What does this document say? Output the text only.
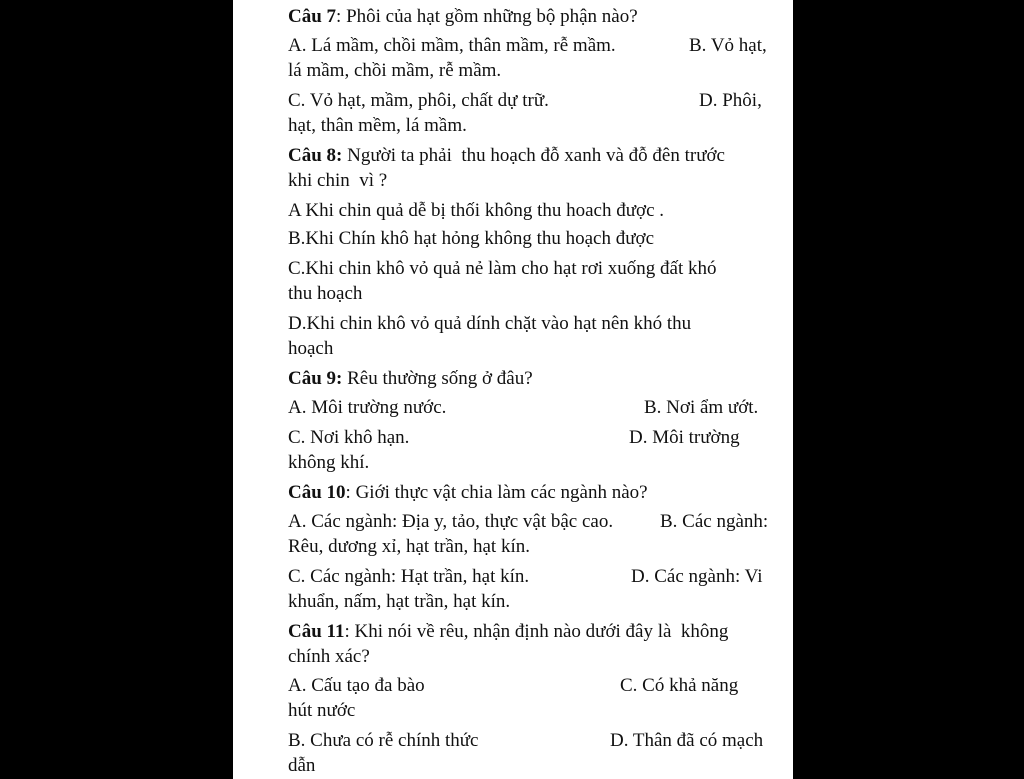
Câu 7: Phôi của hạt gồm những bộ phận nào?
A. Lá mầm, chồi mầm, thân mầm, rễ mầm.	B. Vỏ hạt,
lá mầm, chồi mầm, rễ mầm.
C. Vỏ hạt, mầm, phôi, chất dự trữ.	D. Phôi,
hạt, thân mềm, lá mầm.
Câu 8: Người ta phải  thu hoạch đỗ xanh và đỗ đên trước
khi chin  vì ?
A Khi chin quả dễ bị thối không thu hoach được .
B.Khi Chín khô hạt hỏng không thu hoạch được
C.Khi chin khô vỏ quả nẻ làm cho hạt rơi xuống đất khó
thu hoạch
D.Khi chin khô vỏ quả dính chặt vào hạt nên khó thu
hoạch
Câu 9: Rêu thường sống ở đâu?
A. Môi trường nước.	B. Nơi ẩm ướt.
C. Nơi khô hạn.	D. Môi trường
không khí.
Câu 10: Giới thực vật chia làm các ngành nào?
A. Các ngành: Địa y, tảo, thực vật bậc cao. B. Các ngành:
Rêu, dương xỉ, hạt trần, hạt kín.
C. Các ngành: Hạt trần, hạt kín.	D. Các ngành: Vi
khuẩn, nấm, hạt trần, hạt kín.
Câu 11: Khi nói về rêu, nhận định nào dưới đây là  không
chính xác?
A. Cấu tạo đa bào	C. Có khả năng
hút nước
B. Chưa có rễ chính thức	D. Thân đã có mạch
dẫn
